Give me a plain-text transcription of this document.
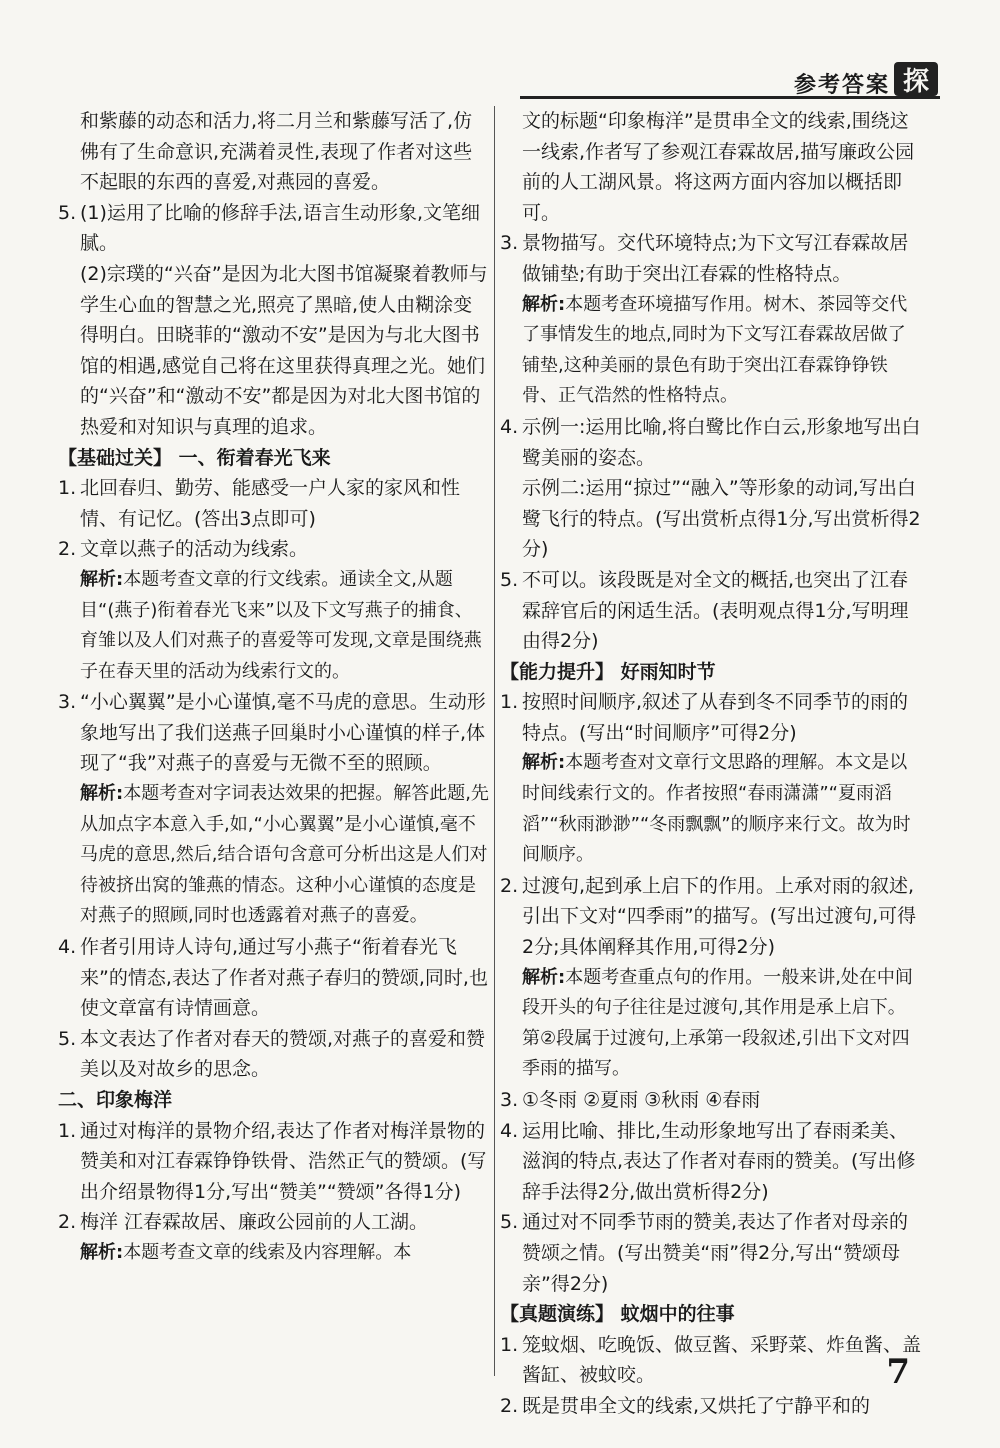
参考答案 探
和紫藤的动态和活力,将二月兰和紫藤写活了,仿佛有了生命意识,充满着灵性,表现了作者对这些不起眼的东西的喜爱,对燕园的喜爱。
5. (1)运用了比喻的修辞手法,语言生动形象,文笔细腻。
(2)宗璞的“兴奋”是因为北大图书馆凝聚着教师与学生心血的智慧之光,照亮了黑暗,使人由糊涂变得明白。田晓菲的“激动不安”是因为与北大图书馆的相遇,感觉自己将在这里获得真理之光。她们的“兴奋”和“激动不安”都是因为对北大图书馆的热爱和对知识与真理的追求。
【基础过关】 一、衔着春光飞来
1. 北回春归、勤劳、能感受一户人家的家风和性情、有记忆。(答出3点即可)
2. 文章以燕子的活动为线索。
解析:本题考查文章的行文线索。通读全文,从题目“(燕子)衔着春光飞来”以及下文写燕子的捕食、育雏以及人们对燕子的喜爱等可发现,文章是围绕燕子在春天里的活动为线索行文的。
3. “小心翼翼”是小心谨慎,毫不马虎的意思。生动形象地写出了我们送燕子回巢时小心谨慎的样子,体现了“我”对燕子的喜爱与无微不至的照顾。
解析:本题考查对字词表达效果的把握。解答此题,先从加点字本意入手,如,“小心翼翼”是小心谨慎,毫不马虎的意思,然后,结合语句含意可分析出这是人们对待被挤出窝的雏燕的情态。这种小心谨慎的态度是对燕子的照顾,同时也透露着对燕子的喜爱。
4. 作者引用诗人诗句,通过写小燕子“衔着春光飞来”的情态,表达了作者对燕子春归的赞颂,同时,也使文章富有诗情画意。
5. 本文表达了作者对春天的赞颂,对燕子的喜爱和赞美以及对故乡的思念。
二、印象梅洋
1. 通过对梅洋的景物介绍,表达了作者对梅洋景物的赞美和对江春霖铮铮铁骨、浩然正气的赞颂。(写出介绍景物得1分,写出“赞美”“赞颂”各得1分)
2. 梅洋 江春霖故居、廉政公园前的人工湖。
解析:本题考查文章的线索及内容理解。本
文的标题“印象梅洋”是贯串全文的线索,围绕这一线索,作者写了参观江春霖故居,描写廉政公园前的人工湖风景。将这两方面内容加以概括即可。
3. 景物描写。交代环境特点;为下文写江春霖故居做铺垫;有助于突出江春霖的性格特点。
解析:本题考查环境描写作用。树木、茶园等交代了事情发生的地点,同时为下文写江春霖故居做了铺垫,这种美丽的景色有助于突出江春霖铮铮铁骨、正气浩然的性格特点。
4. 示例一:运用比喻,将白鹭比作白云,形象地写出白鹭美丽的姿态。
示例二:运用“掠过”“融入”等形象的动词,写出白鹭飞行的特点。(写出赏析点得1分,写出赏析得2分)
5. 不可以。该段既是对全文的概括,也突出了江春霖辞官后的闲适生活。(表明观点得1分,写明理由得2分)
【能力提升】 好雨知时节
1. 按照时间顺序,叙述了从春到冬不同季节的雨的特点。(写出“时间顺序”可得2分)
解析:本题考查对文章行文思路的理解。本文是以时间线索行文的。作者按照“春雨潇潇”“夏雨滔滔”“秋雨渺渺”“冬雨飘飘”的顺序来行文。故为时间顺序。
2. 过渡句,起到承上启下的作用。上承对雨的叙述,引出下文对“四季雨”的描写。(写出过渡句,可得2分;具体阐释其作用,可得2分)
解析:本题考查重点句的作用。一般来讲,处在中间段开头的句子往往是过渡句,其作用是承上启下。第②段属于过渡句,上承第一段叙述,引出下文对四季雨的描写。
3. ①冬雨 ②夏雨 ③秋雨 ④春雨
4. 运用比喻、排比,生动形象地写出了春雨柔美、滋润的特点,表达了作者对春雨的赞美。(写出修辞手法得2分,做出赏析得2分)
5. 通过对不同季节雨的赞美,表达了作者对母亲的赞颂之情。(写出赞美“雨”得2分,写出“赞颂母亲”得2分)
【真题演练】 蚊烟中的往事
1. 笼蚊烟、吃晚饭、做豆酱、采野菜、炸鱼酱、盖酱缸、被蚊咬。
2. 既是贯串全文的线索,又烘托了宁静平和的
7
